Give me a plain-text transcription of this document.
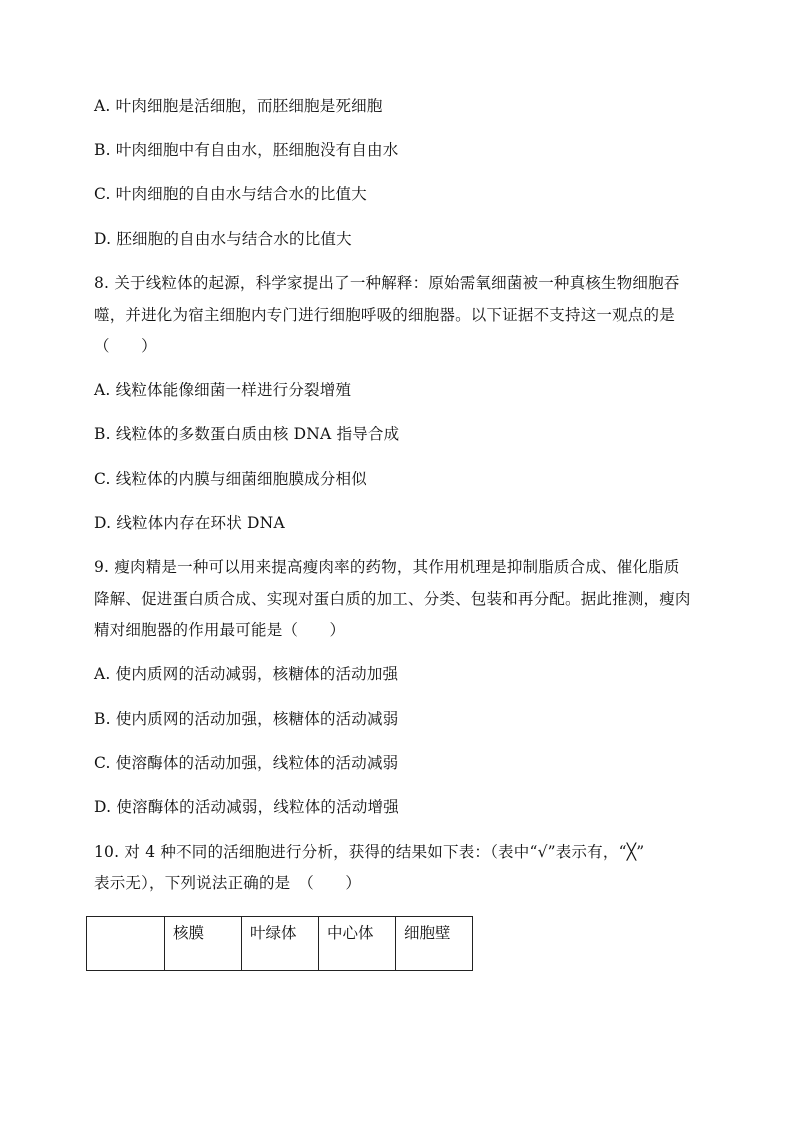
A. 叶肉细胞是活细胞，而胚细胞是死细胞
B. 叶肉细胞中有自由水，胚细胞没有自由水
C. 叶肉细胞的自由水与结合水的比值大
D. 胚细胞的自由水与结合水的比值大
8. 关于线粒体的起源，科学家提出了一种解释：原始需氧细菌被一种真核生物细胞吞
噬，并进化为宿主细胞内专门进行细胞呼吸的细胞器。以下证据不支持这一观点的是
（　　）
A. 线粒体能像细菌一样进行分裂增殖
B. 线粒体的多数蛋白质由核 DNA 指导合成
C. 线粒体的内膜与细菌细胞膜成分相似
D. 线粒体内存在环状 DNA
9. 瘦肉精是一种可以用来提高瘦肉率的药物，其作用机理是抑制脂质合成、催化脂质
降解、促进蛋白质合成、实现对蛋白质的加工、分类、包装和再分配。据此推测，瘦肉
精对细胞器的作用最可能是（　　）
A. 使内质网的活动减弱，核糖体的活动加强
B. 使内质网的活动加强，核糖体的活动减弱
C. 使溶酶体的活动加强，线粒体的活动减弱
D. 使溶酶体的活动减弱，线粒体的活动增强
10. 对 4 种不同的活细胞进行分析，获得的结果如下表：（表中“√”表示有，“╳”
表示无），下列说法正确的是　（　　）
	核膜	叶绿体	中心体	细胞壁
